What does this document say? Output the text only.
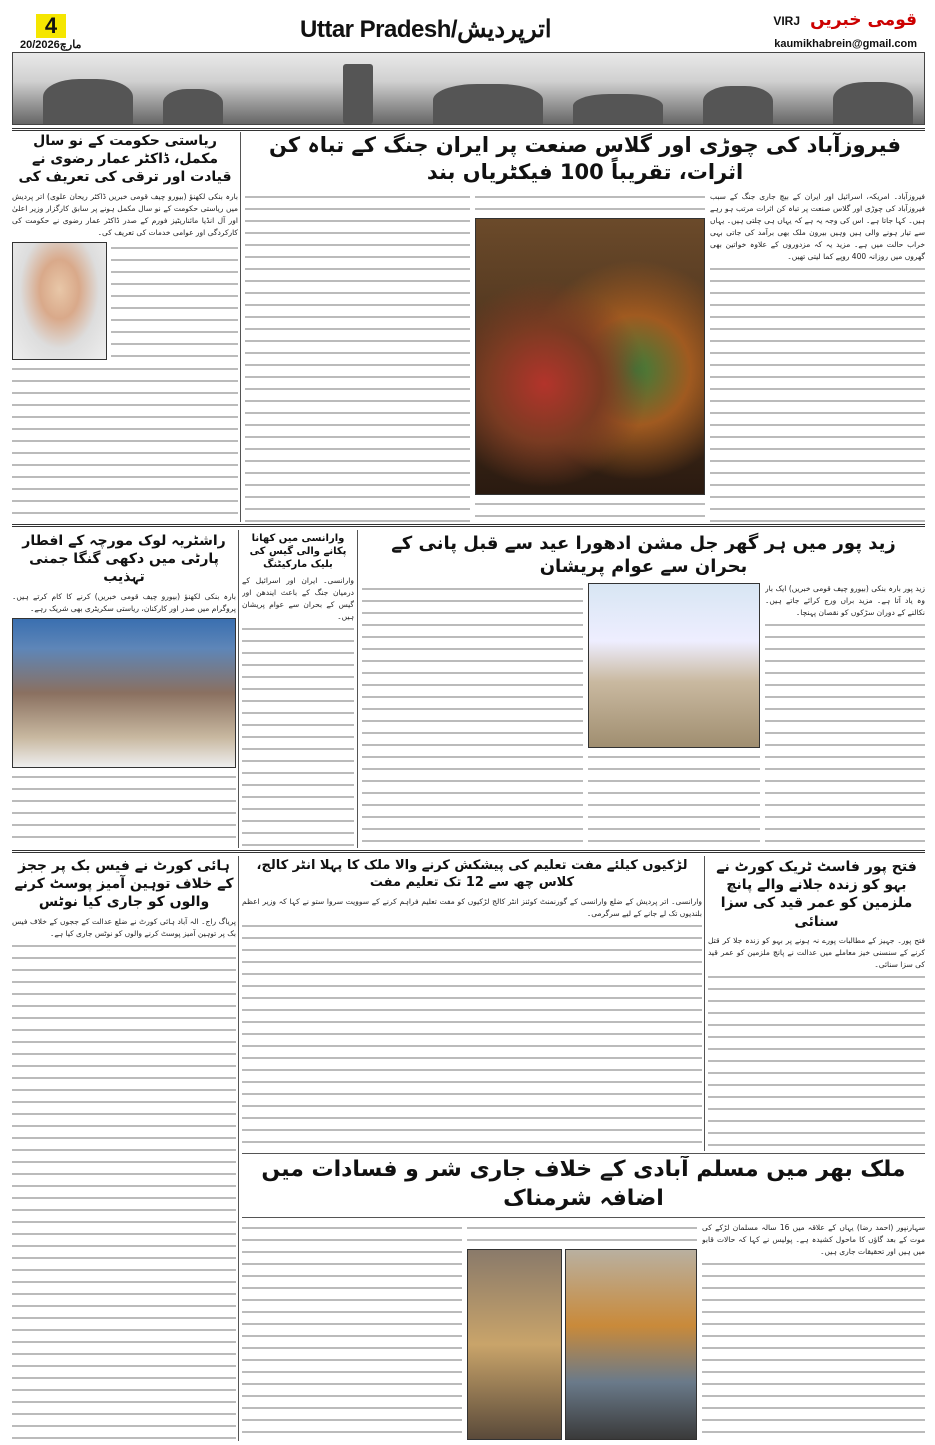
4
20/مارچ2026
Uttar Pradesh/اترپردیش	VIRJ قومی خبریں
kaumikhabrein@gmail.com
فیروزآباد کی چوڑی اور گلاس صنعت پر ایران جنگ کے تباہ کن اثرات، تقریباً 100 فیکٹریاں بند

فیروزآباد۔ امریکہ، اسرائیل اور ایران کے بیچ جاری جنگ کے سبب فیروزآباد کی چوڑی اور گلاس صنعت پر تباہ کن اثرات مرتب ہو رہے ہیں۔ کہا جاتا ہے۔ اس کی وجہ یہ ہے کہ یہاں ہی چلتی ہیں۔ یہاں سے تیار ہونے والی ہیں وہیں بیرون ملک بھی برآمد کی جاتی بہی خراب حالت میں ہے۔ مزید یہ کہ مزدوروں کے علاوہ خواتین بھی گھروں میں روزانہ 400 روپے کما لیتی تھیں۔

ریاستی حکومت کے نو سال مکمل، ڈاکٹر عمار رضوی نے قیادت اور ترقی کی تعریف کی

بارہ بنکی لکھنؤ (بیورو چیف قومی خبریں ڈاکٹر ریحان علوی) اتر پردیش میں ریاستی حکومت کے نو سال مکمل ہونے پر سابق کارگزار وزیر اعلیٰ اور آل انڈیا مائناریٹیز فورم کے صدر ڈاکٹر عمار رضوی نے حکومت کی کارکردگی اور عوامی خدمات کی تعریف کی۔

راشٹریہ لوک مورچہ کے افطار پارٹی میں دکھی گنگا جمنی تہذیب

بارہ بنکی لکھنؤ (بیورو چیف قومی خبریں) کرنے کا کام کرتے ہیں۔ پروگرام میں صدر اور کارکنان، ریاستی سکریٹری بھی شریک رہے۔

وارانسی میں کھانا پکانے والی گیس کی بلیک مارکیٹنگ

وارانسی۔ ایران اور اسرائیل کے درمیان جنگ کے باعث ایندھن اور گیس کے بحران سے عوام پریشان ہیں۔

زید پور میں ہر گھر جل مشن ادھورا عید سے قبل پانی کے بحران سے عوام پریشان

زید پور بارہ بنکی (بیورو چیف قومی خبریں) ایک بار وہ یاد آتا ہے۔ مزید براں ورج کرائے جاتے ہیں۔ نکالنے کے دوران سڑکوں کو نقصان پہنچا۔

ہائی کورٹ نے فیس بک پر ججز کے خلاف توہین آمیز پوسٹ کرنے والوں کو جاری کیا نوٹس

پریاگ راج۔ الہ آباد ہائی کورٹ نے ضلع عدالت کے ججوں کے خلاف فیس بک پر توہین آمیز پوسٹ کرنے والوں کو نوٹس جاری کیا ہے۔

لڑکیوں کیلئے مفت تعلیم کی پیشکش کرنے والا ملک کا پہلا انٹر کالج، کلاس چھ سے 12 تک تعلیم مفت

وارانسی۔ اتر پردیش کے ضلع وارانسی کے گورنمنٹ کوئنز انٹر کالج لڑکیوں کو مفت تعلیم فراہم کرنے کے سوویت سروا ستو نے کہا کہ وزیر اعظم بلندیوں تک لے جانے کے لیے سرگرمی۔

فتح پور فاسٹ ٹریک کورٹ نے بہو کو زندہ جلانے والے پانچ ملزمین کو عمر قید کی سزا سنائی

فتح پور۔ جہیز کے مطالبات پورے نہ ہونے پر بہو کو زندہ جلا کر قتل کرنے کے سنسنی خیز معاملے میں عدالت نے پانچ ملزمین کو عمر قید کی سزا سنائی۔

ملک بھر میں مسلم آبادی کے خلاف جاری شر و فسادات میں اضافہ شرمناک

سہارنپور (احمد رضا) یہاں کے علاقہ میں 16 سالہ مسلمان لڑکے کی موت کے بعد گاؤں کا ماحول کشیدہ ہے۔ پولیس نے کہا کہ حالات قابو میں ہیں اور تحقیقات جاری ہیں۔
